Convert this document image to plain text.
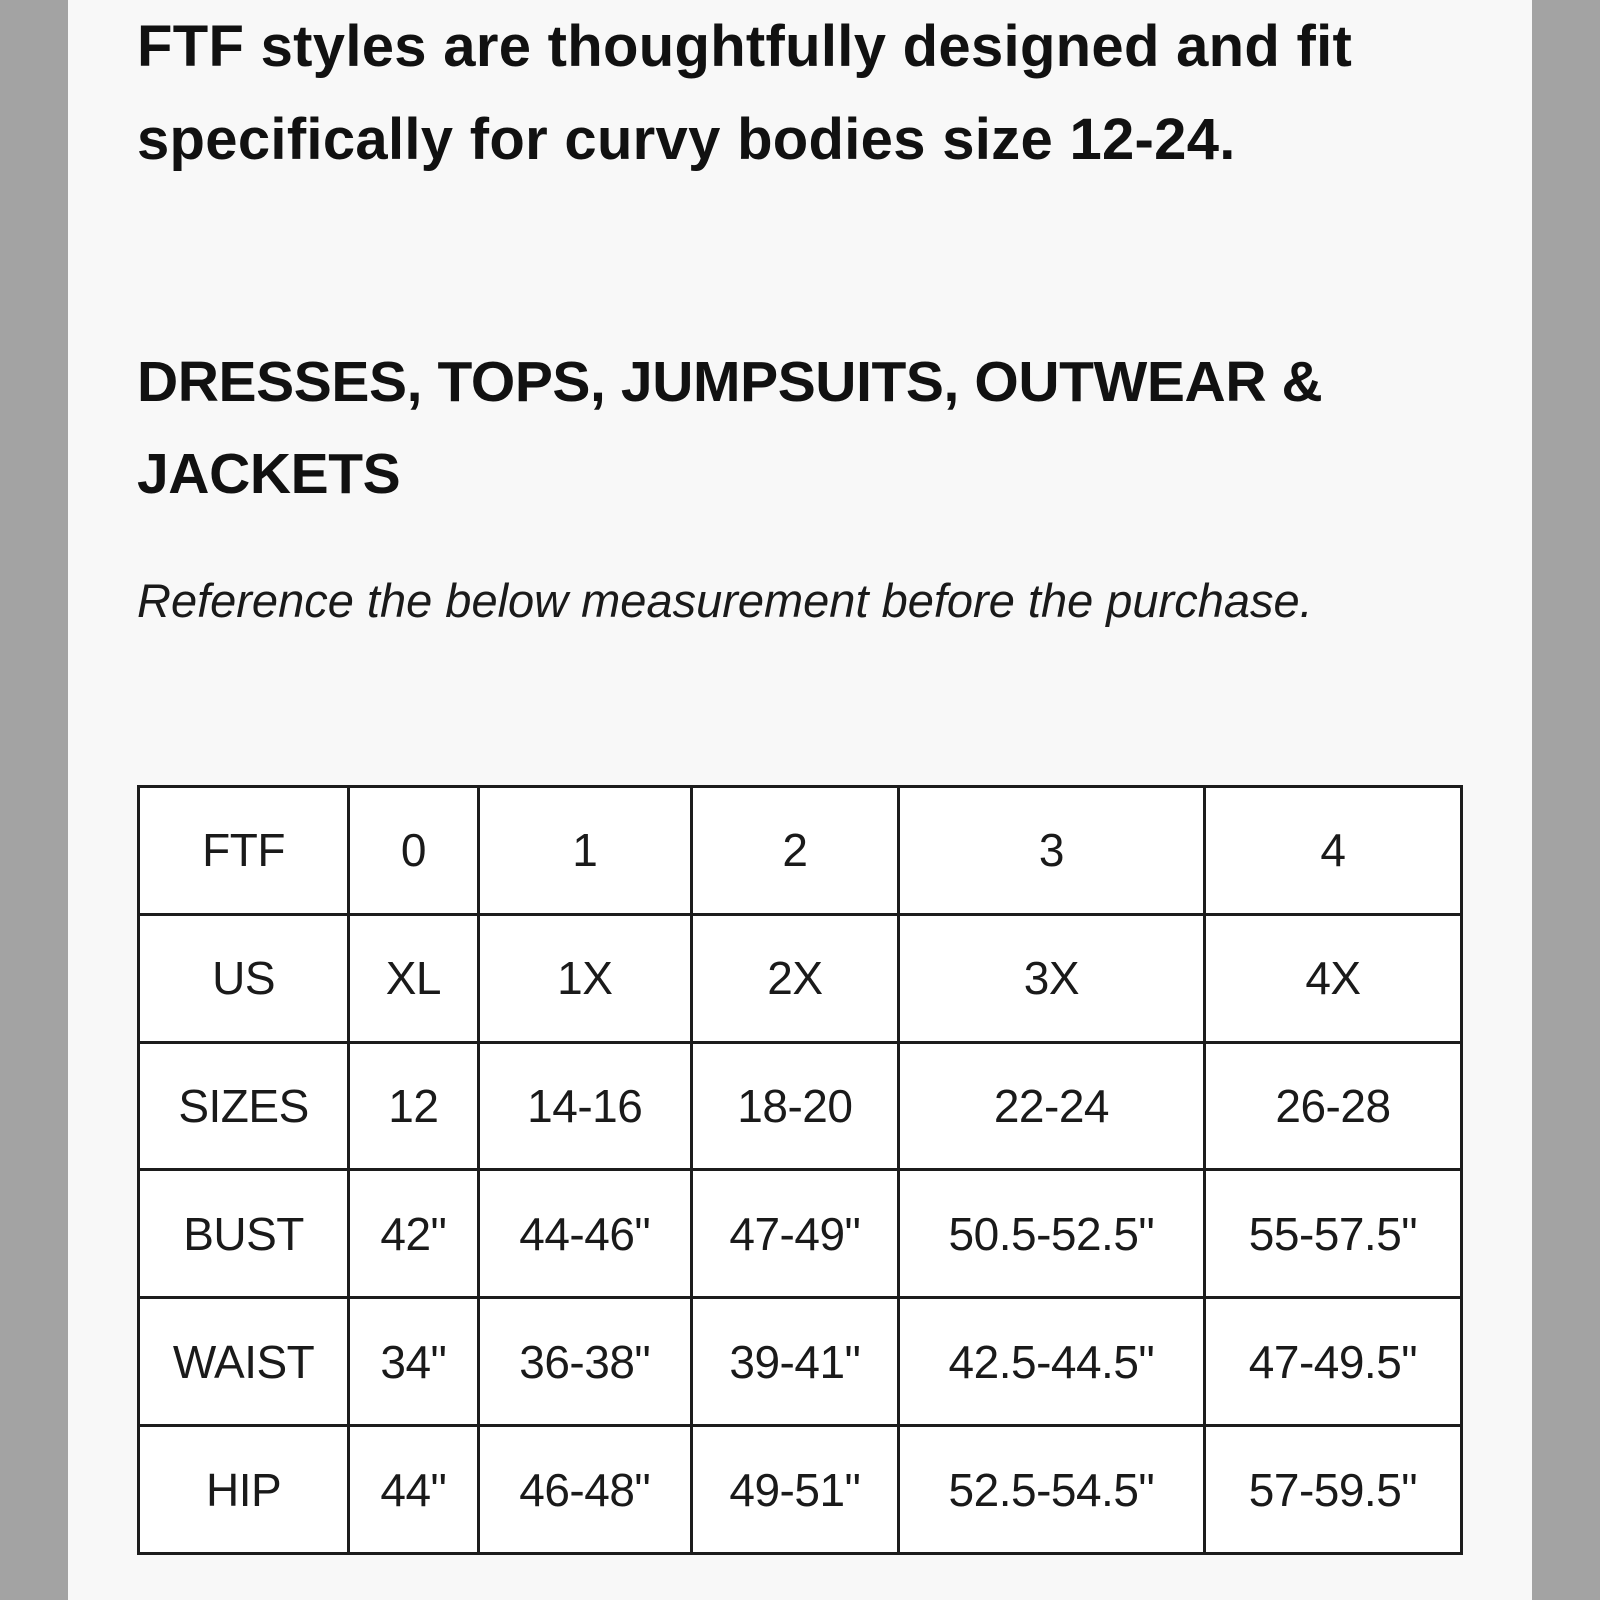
FTF styles are thoughtfully designed and fit specifically for curvy bodies size 12-24.

DRESSES, TOPS, JUMPSUITS, OUTWEAR & JACKETS

Reference the below measurement before the purchase.

FTF	0	1	2	3	4
US	XL	1X	2X	3X	4X
SIZES	12	14-16	18-20	22-24	26-28
BUST	42"	44-46"	47-49"	50.5-52.5"	55-57.5"
WAIST	34"	36-38"	39-41"	42.5-44.5"	47-49.5"
HIP	44"	46-48"	49-51"	52.5-54.5"	57-59.5"
